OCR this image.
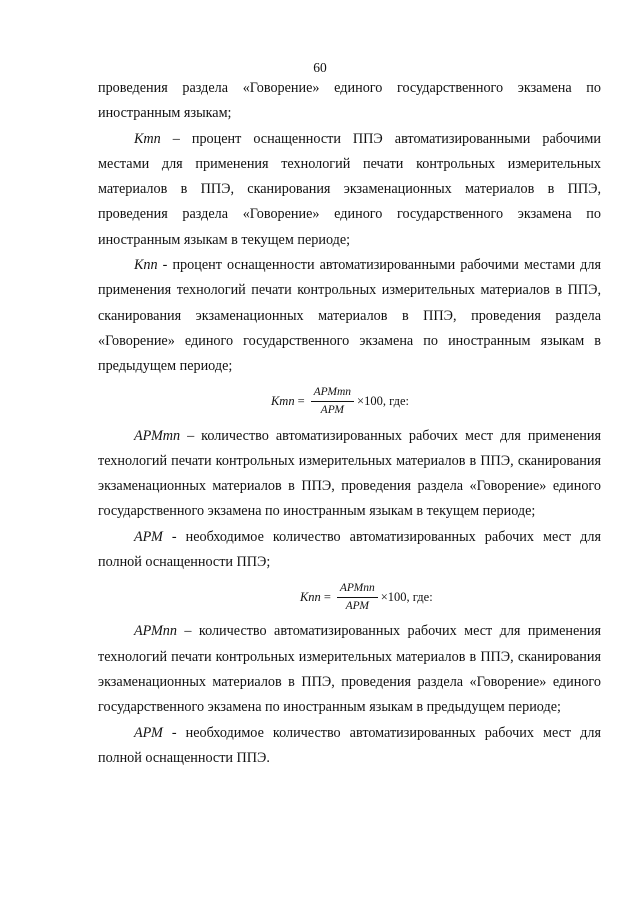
60

проведения раздела «Говорение» единого государственного экзамена по иностранным языкам;

Ктп – процент оснащенности ППЭ автоматизированными рабочими местами для применения технологий печати контрольных измерительных материалов в ППЭ, сканирования экзаменационных материалов в ППЭ, проведения раздела «Говорение» единого государственного экзамена по иностранным языкам в текущем периоде;

Кпп - процент оснащенности автоматизированными рабочими местами для применения технологий печати контрольных измерительных материалов в ППЭ, сканирования экзаменационных материалов в ППЭ, проведения раздела «Говорение» единого государственного экзамена по иностранным языкам в предыдущем периоде;

Ктп = $\frac{\text{АРМтп}}{\text{АРМ}} \times 100$ , где:

АРМтп – количество автоматизированных рабочих мест для применения технологий печати контрольных измерительных материалов в ППЭ, сканирования экзаменационных материалов в ППЭ, проведения раздела «Говорение» единого государственного экзамена по иностранным языкам в текущем периоде;

АРМ - необходимое количество автоматизированных рабочих мест для полной оснащенности ППЭ;

Кпп = $\frac{\text{АРМпп}}{\text{АРМ}} \times 100$ , где:

АРМпп – количество автоматизированных рабочих мест для применения технологий печати контрольных измерительных материалов в ППЭ, сканирования экзаменационных материалов в ППЭ, проведения раздела «Говорение» единого государственного экзамена по иностранным языкам в предыдущем периоде;

АРМ - необходимое количество автоматизированных рабочих мест для полной оснащенности ППЭ.
